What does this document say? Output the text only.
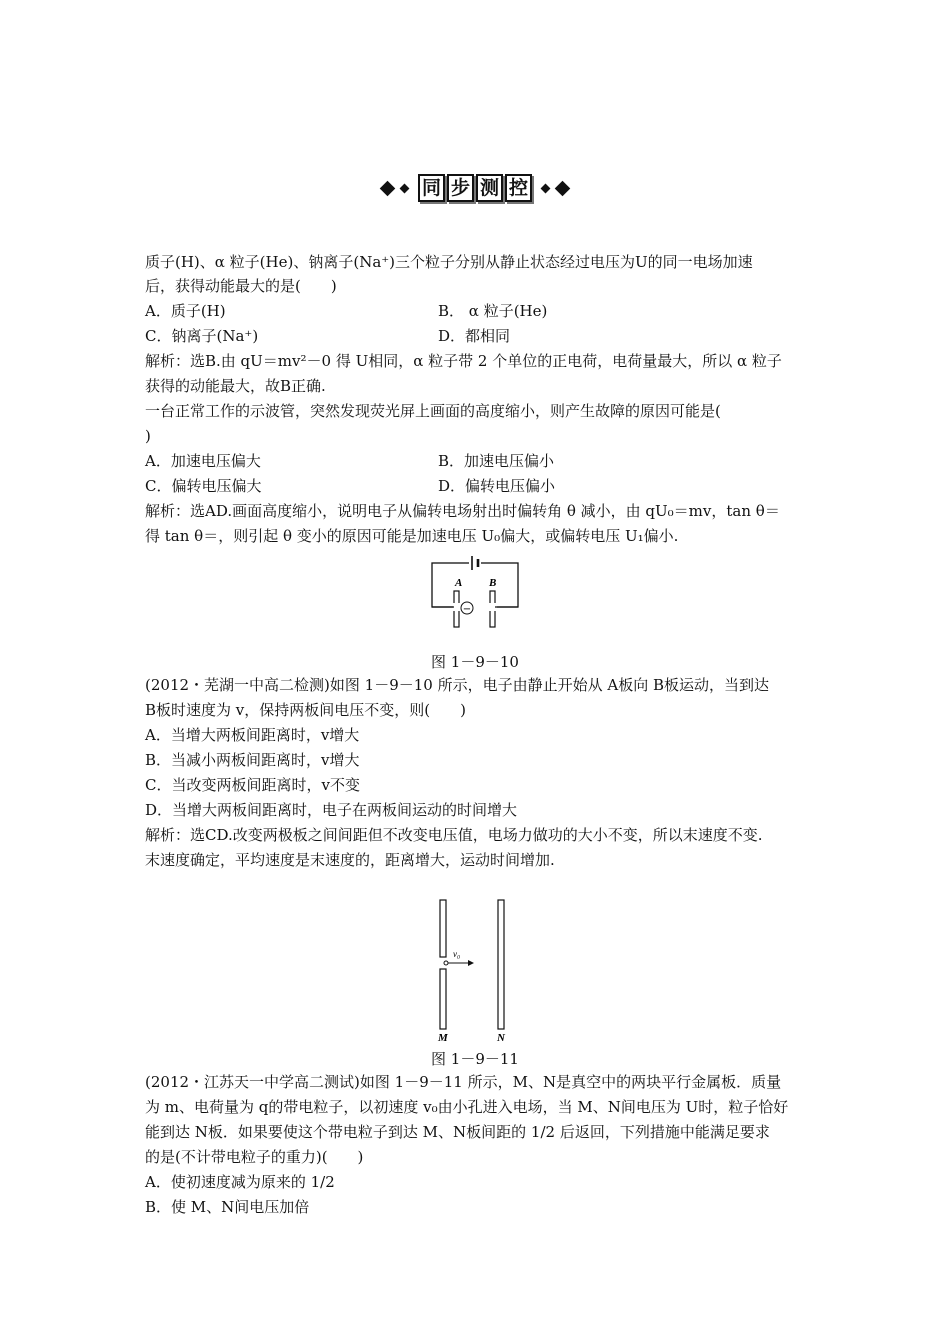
同 步 测 控
质子(H)、α 粒子(He)、钠离子(Na⁺)三个粒子分别从静止状态经过电压为U的同一电场加速
后，获得动能最大的是(　　)
A．质子(H)	B． α 粒子(He)
C．钠离子(Na⁺)	D．都相同
解析：选B.由 qU＝mv²－0 得 U相同，α 粒子带 2 个单位的正电荷，电荷量最大，所以 α 粒子
获得的动能最大，故B正确.
一台正常工作的示波管，突然发现荧光屏上画面的高度缩小，则产生故障的原因可能是(
)
A．加速电压偏大	B．加速电压偏小
C．偏转电压偏大	D．偏转电压偏小
解析：选AD.画面高度缩小，说明电子从偏转电场射出时偏转角 θ 减小，由 qU₀＝mv，tan θ＝
得 tan θ＝，则引起 θ 变小的原因可能是加速电压 U₀偏大，或偏转电压 U₁偏小.
−
A B
图 1－9－10
(2012・芜湖一中高二检测)如图 1－9－10 所示，电子由静止开始从 A板向 B板运动，当到达
B板时速度为 v，保持两板间电压不变，则(　　)
A．当增大两板间距离时，v增大
B．当减小两板间距离时，v增大
C．当改变两板间距离时，v不变
D．当增大两板间距离时，电子在两板间运动的时间增大
解析：选CD.改变两极板之间间距但不改变电压值，电场力做功的大小不变，所以末速度不变.
末速度确定，平均速度是末速度的，距离增大，运动时间增加.
v₀
M	N
图 1－9－11
(2012・江苏天一中学高二测试)如图 1－9－11 所示，M、N是真空中的两块平行金属板．质量
为 m、电荷量为 q的带电粒子，以初速度 v₀由小孔进入电场，当 M、N间电压为 U时，粒子恰好
能到达 N板．如果要使这个带电粒子到达 M、N板间距的 1/2 后返回，下列措施中能满足要求
的是(不计带电粒子的重力)(　　)
A．使初速度减为原来的 1/2
B．使 M、N间电压加倍
